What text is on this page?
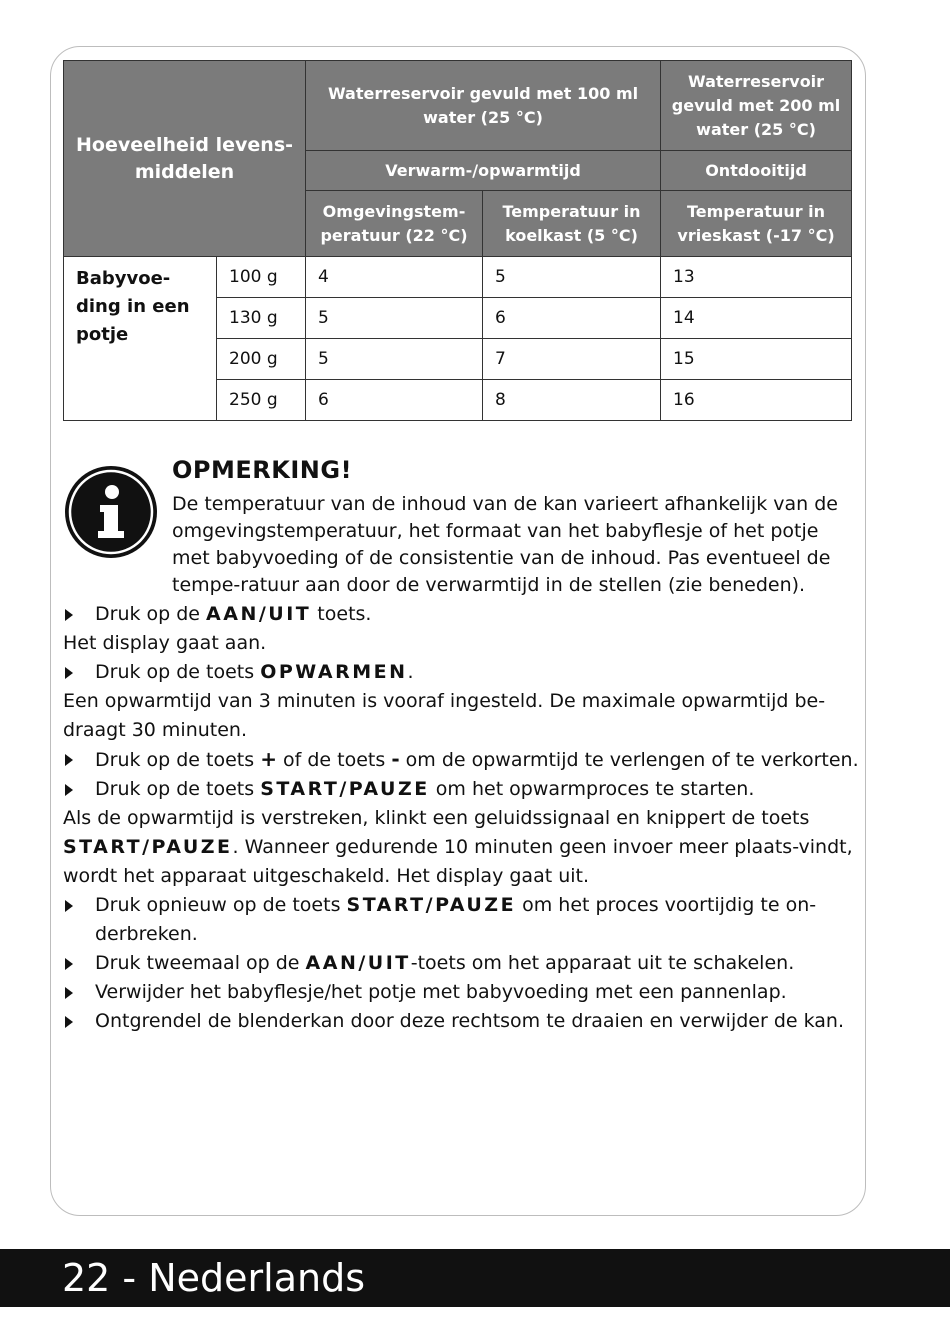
Hoeveelheid levens-
middelen		Waterreservoir gevuld met 100 ml water (25 °C)		Waterreservoir gevuld met 200 ml water (25 °C)
		Verwarm-/opwarmtijd		Ontdooitijd
		Omgevingstem-
peratuur (22 °C)	Temperatuur in koelkast (5 °C)	Temperatuur in vrieskast (-17 °C)
Babyvoe-
ding in een
potje	100 g	4	5	13
	130 g	5	6	14
	200 g	5	7	15
	250 g	6	8	16
OPMERKING!
De temperatuur van de inhoud van de kan varieert afhankelijk van de omgevingstemperatuur, het formaat van het babyflesje of het potje met babyvoeding of de consistentie van de inhoud. Pas eventueel de tempe-ratuur aan door de verwarmtijd in de stellen (zie beneden).
Druk op de AAN/UIT toets.
Het display gaat aan.
Druk op de toets OPWARMEN.
Een opwarmtijd van 3 minuten is vooraf ingesteld. De maximale opwarmtijd be-draagt 30 minuten.
Druk op de toets + of de toets - om de opwarmtijd te verlengen of te verkorten.
Druk op de toets START/PAUZE om het opwarmproces te starten.
Als de opwarmtijd is verstreken, klinkt een geluidssignaal en knippert de toets
START/PAUZE. Wanneer gedurende 10 minuten geen invoer meer plaats-vindt, wordt het apparaat uitgeschakeld. Het display gaat uit.
Druk opnieuw op de toets START/PAUZE om het proces voortijdig te on-derbreken.
Druk tweemaal op de AAN/UIT-toets om het apparaat uit te schakelen.
Verwijder het babyflesje/het potje met babyvoeding met een pannenlap.
Ontgrendel de blenderkan door deze rechtsom te draaien en verwijder de kan.
22 - Nederlands
